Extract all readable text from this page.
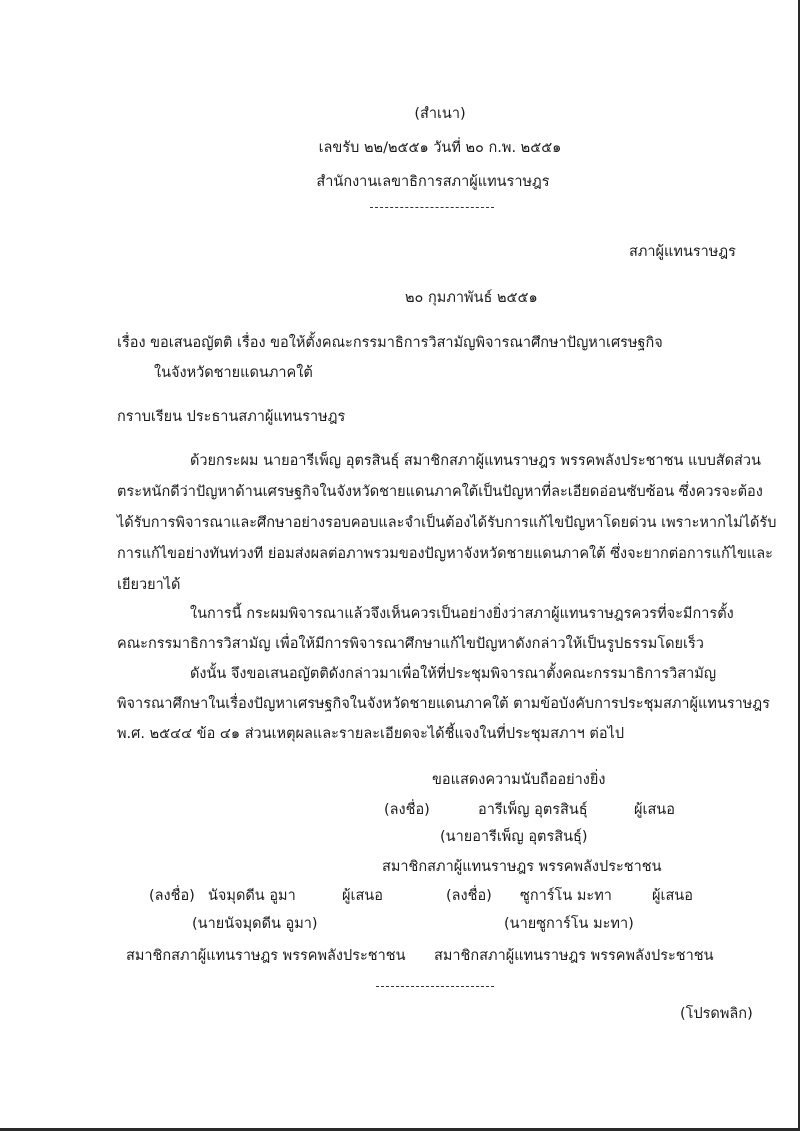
(สำเนา)
เลขรับ ๒๒/๒๕๕๑ วันที่ ๒๐ ก.พ. ๒๕๕๑
สำนักงานเลขาธิการสภาผู้แทนราษฎร
สภาผู้แทนราษฎร
๒๐ กุมภาพันธ์ ๒๕๕๑
เรื่อง ขอเสนอญัตติ เรื่อง ขอให้ตั้งคณะกรรมาธิการวิสามัญพิจารณาศึกษาปัญหาเศรษฐกิจ
ในจังหวัดชายแดนภาคใต้
กราบเรียน ประธานสภาผู้แทนราษฎร
ด้วยกระผม นายอารีเพ็ญ อุตรสินธุ์ สมาชิกสภาผู้แทนราษฎร พรรคพลังประชาชน แบบสัดส่วน
ตระหนักดีว่าปัญหาด้านเศรษฐกิจในจังหวัดชายแดนภาคใต้เป็นปัญหาที่ละเอียดอ่อนซับซ้อน ซึ่งควรจะต้อง
ได้รับการพิจารณาและศึกษาอย่างรอบคอบและจำเป็นต้องได้รับการแก้ไขปัญหาโดยด่วน เพราะหากไม่ได้รับ
การแก้ไขอย่างทันท่วงที ย่อมส่งผลต่อภาพรวมของปัญหาจังหวัดชายแดนภาคใต้ ซึ่งจะยากต่อการแก้ไขและ
เยียวยาได้
ในการนี้ กระผมพิจารณาแล้วจึงเห็นควรเป็นอย่างยิ่งว่าสภาผู้แทนราษฎรควรที่จะมีการตั้ง
คณะกรรมาธิการวิสามัญ เพื่อให้มีการพิจารณาศึกษาแก้ไขปัญหาดังกล่าวให้เป็นรูปธรรมโดยเร็ว
ดังนั้น จึงขอเสนอญัตติดังกล่าวมาเพื่อให้ที่ประชุมพิจารณาตั้งคณะกรรมาธิการวิสามัญ
พิจารณาศึกษาในเรื่องปัญหาเศรษฐกิจในจังหวัดชายแดนภาคใต้ ตามข้อบังคับการประชุมสภาผู้แทนราษฎร
พ.ศ. ๒๕๔๔ ข้อ ๔๑ ส่วนเหตุผลและรายละเอียดจะได้ชี้แจงในที่ประชุมสภาฯ ต่อไป
ขอแสดงความนับถืออย่างยิ่ง
(ลงชื่อ)	อารีเพ็ญ อุตรสินธุ์	ผู้เสนอ
(นายอารีเพ็ญ อุตรสินธุ์)
สมาชิกสภาผู้แทนราษฎร พรรคพลังประชาชน
(ลงชื่อ) นัจมุดดีน อูมา	ผู้เสนอ
(นายนัจมุดดีน อูมา)
สมาชิกสภาผู้แทนราษฎร พรรคพลังประชาชน
(ลงชื่อ) ซูการ์โน มะทา	ผู้เสนอ
(นายซูการ์โน มะทา)
สมาชิกสภาผู้แทนราษฎร พรรคพลังประชาชน
(โปรดพลิก)
